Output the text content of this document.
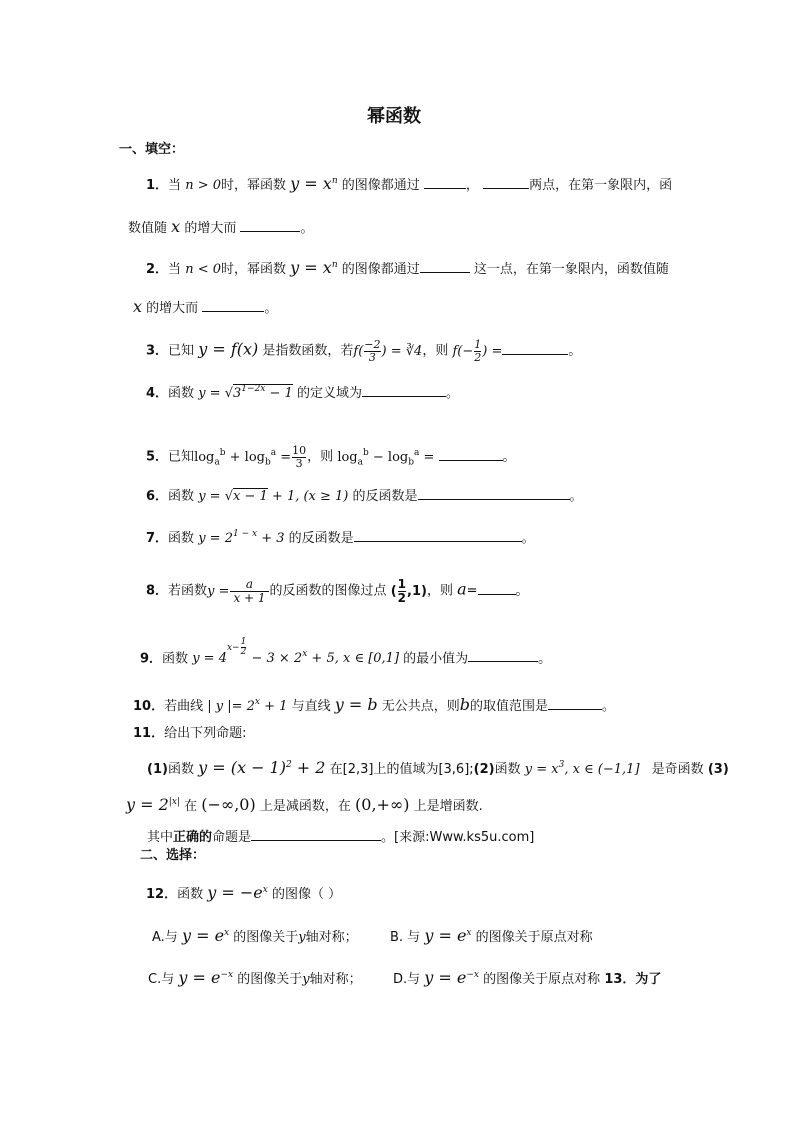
幂函数
一、填空：
1．当 n > 0时，幂函数 $y = x^n$ 的图像都通过	，	两点，在第一象限内，函
数值随 x 的增大而	。
2．当 n < 0时，幂函数 $y = x^n$ 的图像都通过	这一点，在第一象限内，函数值随
x 的增大而	。
3．已知 y = f(x) 是指数函数，若$f( \frac{-2}{3}$ ) = ∛4，则 $f(- \frac{1}{2}$ ) =	。
4．函数 $y = √3^{1-2x} - 1$ 的定义域为	。
5．已知$\log_a^b + \log_b^a = \frac{10}{3}$ ，则 $\log_a^b - \log_b^a$ =	。
6．函数 y = √x − 1 + 1, (x ≥ 1) 的反函数是	。
7．函数 $y = 2^{1 - x} + 3$ 的反函数是	。
8．若函数$y = \frac{a}{x + 1}$ 的反函数的图像过点 ( $\frac{1}{2} ,1$)，则 a=	。
9．函数 $y = 4^{x- \frac{1}{2}}$
− $3 \times 2^x + 5$, x ∈ [0,1] 的最小值为	。
10．若曲线 | y |= $2^x + 1$ 与直线 y = b 无公共点，则b的取值范围是	。
11．给出下列命题:
(1)函数 $y = (x - 1)^2 + 2$ 在[2,3]上的值域为[3,6];(2)函数 $y = x^3$, x ∈ (−1,1] 是奇函数 (3)
$y = 2^{|x|}$ 在 (−∞,0) 上是减函数，在 (0,+∞) 上是增函数.
其中正确的命题是	。[来源:Www.ks5u.com]
二、选择：
12．函数 $y = -e^x$ 的图像（ ）
A.与 $y = e^x$ 的图像关于y轴对称； B. 与 $y = e^x$ 的图像关于原点对称
C.与 $y = e^{-x}$ 的图像关于y轴对称； D.与 $y = e^{-x}$ 的图像关于原点对称 13．为了
